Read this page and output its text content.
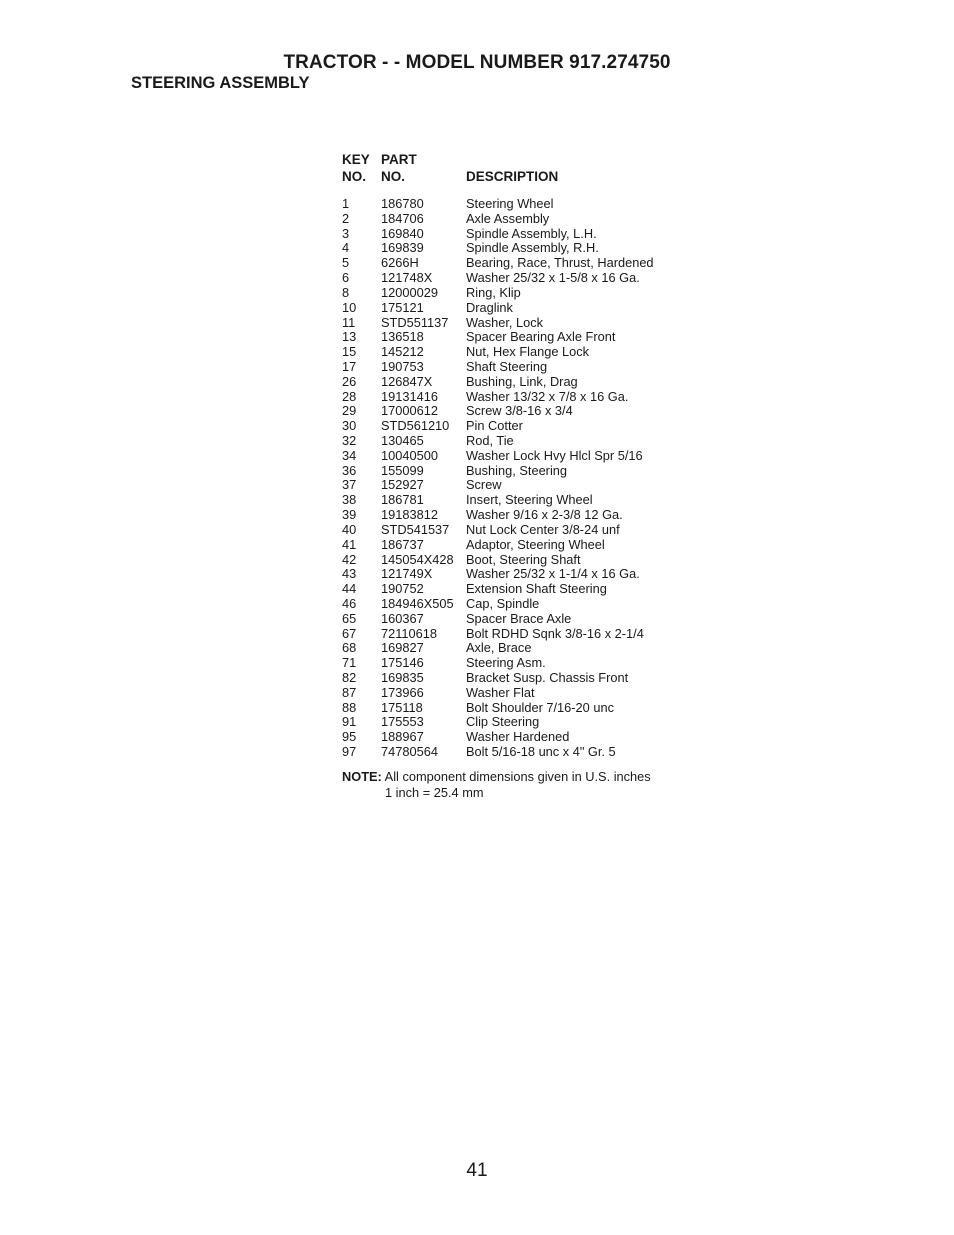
TRACTOR - - MODEL NUMBER 917.274750
STEERING ASSEMBLY
KEY PART
NO. NO.	DESCRIPTION
1 186780	Steering Wheel
2 184706	Axle Assembly
3 169840	Spindle Assembly, L.H.
4 169839	Spindle Assembly, R.H.
5 6266H	Bearing, Race, Thrust, Hardened
6 121748X	Washer 25/32 x 1-5/8 x 16 Ga.
8 12000029 Ring, Klip
10 175121	Draglink
11 STD551137 Washer, Lock
13 136518	Spacer Bearing Axle Front
15 145212	Nut, Hex Flange Lock
17 190753	Shaft Steering
26 126847X	Bushing, Link, Drag
28 19131416 Washer 13/32 x 7/8 x 16 Ga.
29 17000612 Screw 3/8-16 x 3/4
30 STD561210 Pin Cotter
32 130465	Rod, Tie
34 10040500 Washer Lock Hvy Hlcl Spr 5/16
36 155099	Bushing, Steering
37 152927	Screw
38 186781	Insert, Steering Wheel
39 19183812 Washer 9/16 x 2-3/8 12 Ga.
40 STD541537 Nut Lock Center 3/8-24 unf
41 186737	Adaptor, Steering Wheel
42 145054X428 Boot, Steering Shaft
43 121749X	Washer 25/32 x 1-1/4 x 16 Ga.
44 190752	Extension Shaft Steering
46 184946X505 Cap, Spindle
65 160367	Spacer Brace Axle
67 72110618 Bolt RDHD Sqnk 3/8-16 x 2-1/4
68 169827	Axle, Brace
71 175146	Steering Asm.
82 169835	Bracket Susp. Chassis Front
87 173966	Washer Flat
88 175118	Bolt Shoulder 7/16-20 unc
91 175553	Clip Steering
95 188967	Washer Hardened
97 74780564 Bolt 5/16-18 unc x 4" Gr. 5
NOTE: All component dimensions given in U.S. inches
1 inch = 25.4 mm
41
